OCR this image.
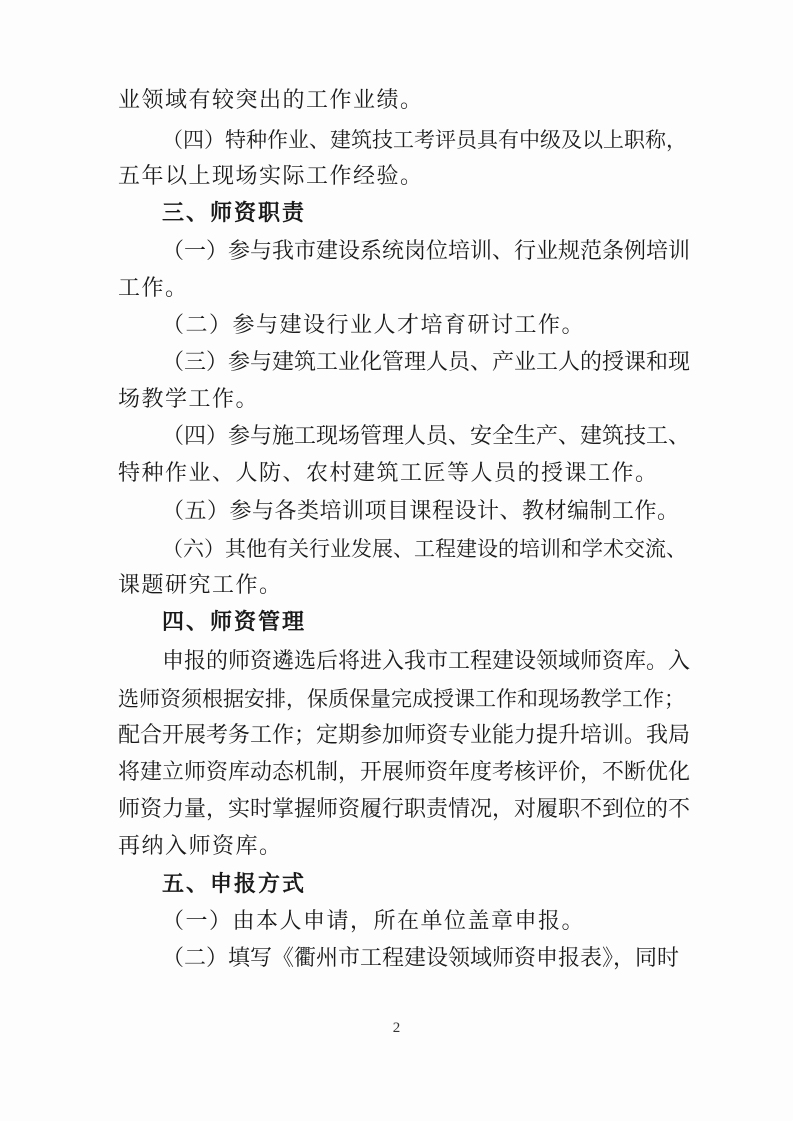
业领域有较突出的工作业绩。
（四）特种作业、建筑技工考评员具有中级及以上职称，
五年以上现场实际工作经验。
三、师资职责
（一）参与我市建设系统岗位培训、行业规范条例培训
工作。
（二）参与建设行业人才培育研讨工作。
（三）参与建筑工业化管理人员、产业工人的授课和现
场教学工作。
（四）参与施工现场管理人员、安全生产、建筑技工、
特种作业、人防、农村建筑工匠等人员的授课工作。
（五）参与各类培训项目课程设计、教材编制工作。
（六）其他有关行业发展、工程建设的培训和学术交流、
课题研究工作。
四、师资管理
申报的师资遴选后将进入我市工程建设领域师资库。入
选师资须根据安排，保质保量完成授课工作和现场教学工作；
配合开展考务工作；定期参加师资专业能力提升培训。我局
将建立师资库动态机制，开展师资年度考核评价，不断优化
师资力量，实时掌握师资履行职责情况，对履职不到位的不
再纳入师资库。
五、申报方式
（一）由本人申请，所在单位盖章申报。
（二）填写《衢州市工程建设领域师资申报表》，同时
2
